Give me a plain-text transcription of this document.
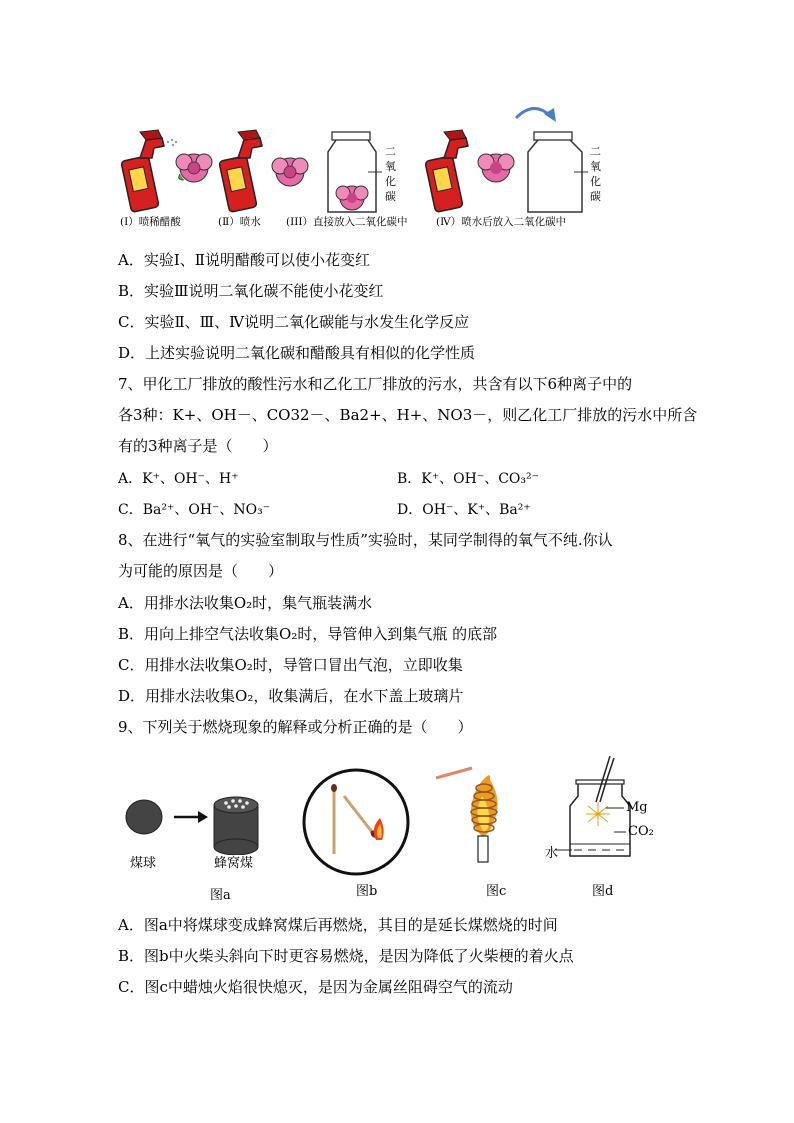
二
氧
化
碳
二
氧
化
碳
(I）喷稀醋酸	(Ⅱ）喷水 (III）直接放入二氧化碳中	(Ⅳ）喷水后放入二氧化碳中
A．实验Ⅰ、Ⅱ说明醋酸可以使小花变红
B．实验Ⅲ说明二氧化碳不能使小花变红
C．实验Ⅱ、Ⅲ、Ⅳ说明二氧化碳能与水发生化学反应
D．上述实验说明二氧化碳和醋酸具有相似的化学性质
7、甲化工厂排放的酸性污水和乙化工厂排放的污水，共含有以下6种离子中的
各3种：K+、OH－、CO32－、Ba2+、H+、NO3－，则乙化工厂排放的污水中所含
有的3种离子是（　　）
A．K⁺、OH⁻、H⁺	B．K⁺、OH⁻、CO₃²⁻
C．Ba²⁺、OH⁻、NO₃⁻	D．OH⁻、K⁺、Ba²⁺
8、在进行“氧气的实验室制取与性质”实验时，某同学制得的氧气不纯.你认
为可能的原因是（　　）
A．用排水法收集O₂时，集气瓶装满水
B．用向上排空气法收集O₂时，导管伸入到集气瓶 的底部
C．用排水法收集O₂时，导管口冒出气泡，立即收集
D．用排水法收集O₂，收集满后，在水下盖上玻璃片
9、下列关于燃烧现象的解释或分析正确的是（　　）
煤球	蜂窝煤
图a	图b	图c
Mg
CO₂
水
图d
A．图a中将煤球变成蜂窝煤后再燃烧，其目的是延长煤燃烧的时间
B．图b中火柴头斜向下时更容易燃烧，是因为降低了火柴梗的着火点
C．图c中蜡烛火焰很快熄灭，是因为金属丝阻碍空气的流动
